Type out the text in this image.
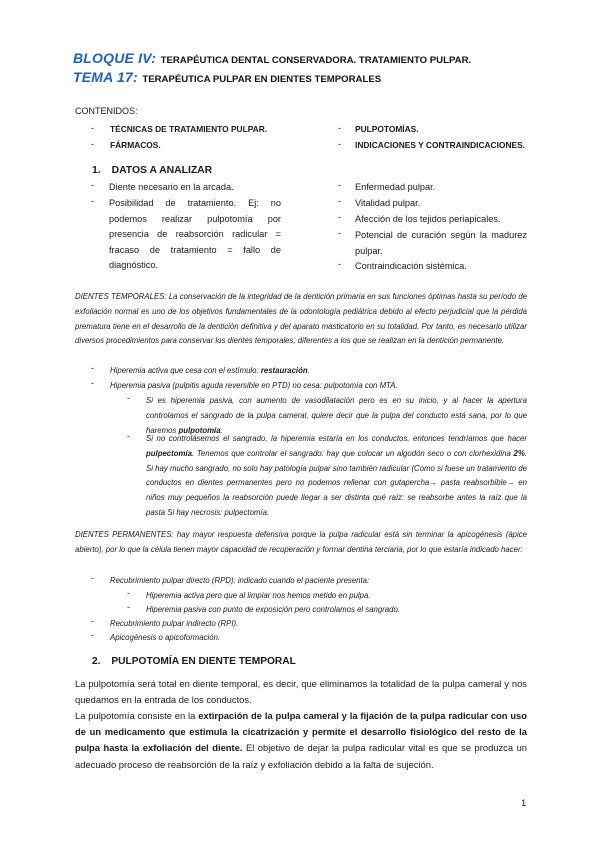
BLOQUE IV: TERAPÉUTICA DENTAL CONSERVADORA. TRATAMIENTO PULPAR.
TEMA 17: TERAPÉUTICA PULPAR EN DIENTES TEMPORALES
CONTENIDOS:
- TÉCNICAS DE TRATAMIENTO PULPAR.
- FÁRMACOS.
- PULPOTOMÍAS.
- INDICACIONES Y CONTRAINDICACIONES.
1. DATOS A ANALIZAR
- Diente necesario en la arcada.
- Posibilidad de tratamiento. Ej: no podemos realizar pulpotomía por presencia de reabsorción radicular = fracaso de tratamiento = fallo de diagnóstico.
- Enfermedad pulpar.
- Vitalidad pulpar.
- Afección de los tejidos periapicales.
- Potencial de curación según la madurez pulpar.
- Contraindicación sistémica.
DIENTES TEMPORALES: La conservación de la integridad de la dentición primaria en sus funciones óptimas hasta su período de exfoliación normal es uno de los objetivos fundamentales de la odontología pediátrica debido al efecto perjudicial que la pérdida prematura tiene en el desarrollo de la dentición definitiva y del aparato masticatorio en su totalidad. Por tanto, es necesario utilizar diversos procedimientos para conservar los dientes temporales, diferentes a los que se realizan en la dentición permanente.
- Hiperemia activa que cesa con el estímulo: restauración.
- Hiperemia pasiva (pulpitis aguda reversible en PTD) no cesa: pulpotomía con MTA.
- Si es hiperemia pasiva, con aumento de vasodilatación pero es en su inicio, y al hacer la apertura controlamos el sangrado de la pulpa cameral, quiere decir que la pulpa del conducto está sana, por lo que haremos pulpotomía.
- Si no controlásemos el sangrado, la hiperemia estaría en los conductos, entonces tendríamos que hacer pulpectomía. Tenemos que controlar el sangrado: hay que colocar un algodón seco o con clorhexidina 2%. Si hay mucho sangrado, no solo hay patología pulpar sino también radicular (Como si fuese un tratamiento de conductos en dientes permanentes pero no podemos rellenar con gutapercha→ pasta reabsorbible→ en niños muy pequeños la reabsorción puede llegar a ser distinta qué raíz: se reabsorbe antes la raíz que la pasta Si hay necrosis: pulpectomía.
DIENTES PERMANENTES: hay mayor respuesta defensiva porque la pulpa radicular está sin terminar la apicogénesis (ápice abierto), por lo que la célula tienen mayor capacidad de recuperación y formar dentina terciaria, por lo que estaría indicado hacer:
- Recubrimiento pulpar directo (RPD): indicado cuando el paciente presenta:
- Hiperemia activa pero que al limpiar nos hemos metido en pulpa.
- Hiperemia pasiva con punto de exposición pero controlamos el sangrado.
- Recubrimiento pulpar indirecto (RPI).
- Apicogénesis o apicoformación.
2. PULPOTOMÍA EN DIENTE TEMPORAL
La pulpotomía será total en diente temporal, es decir, que eliminamos la totalidad de la pulpa cameral y nos quedamos en la entrada de los conductos.
La pulpotomía consiste en la extirpación de la pulpa cameral y la fijación de la pulpa radicular con uso de un medicamento que estimula la cicatrización y permite el desarrollo fisiológico del resto de la pulpa hasta la exfoliación del diente. El objetivo de dejar la pulpa radicular vital es que se produzca un adecuado proceso de reabsorción de la raíz y exfoliación debido a la falta de sujeción.
1
